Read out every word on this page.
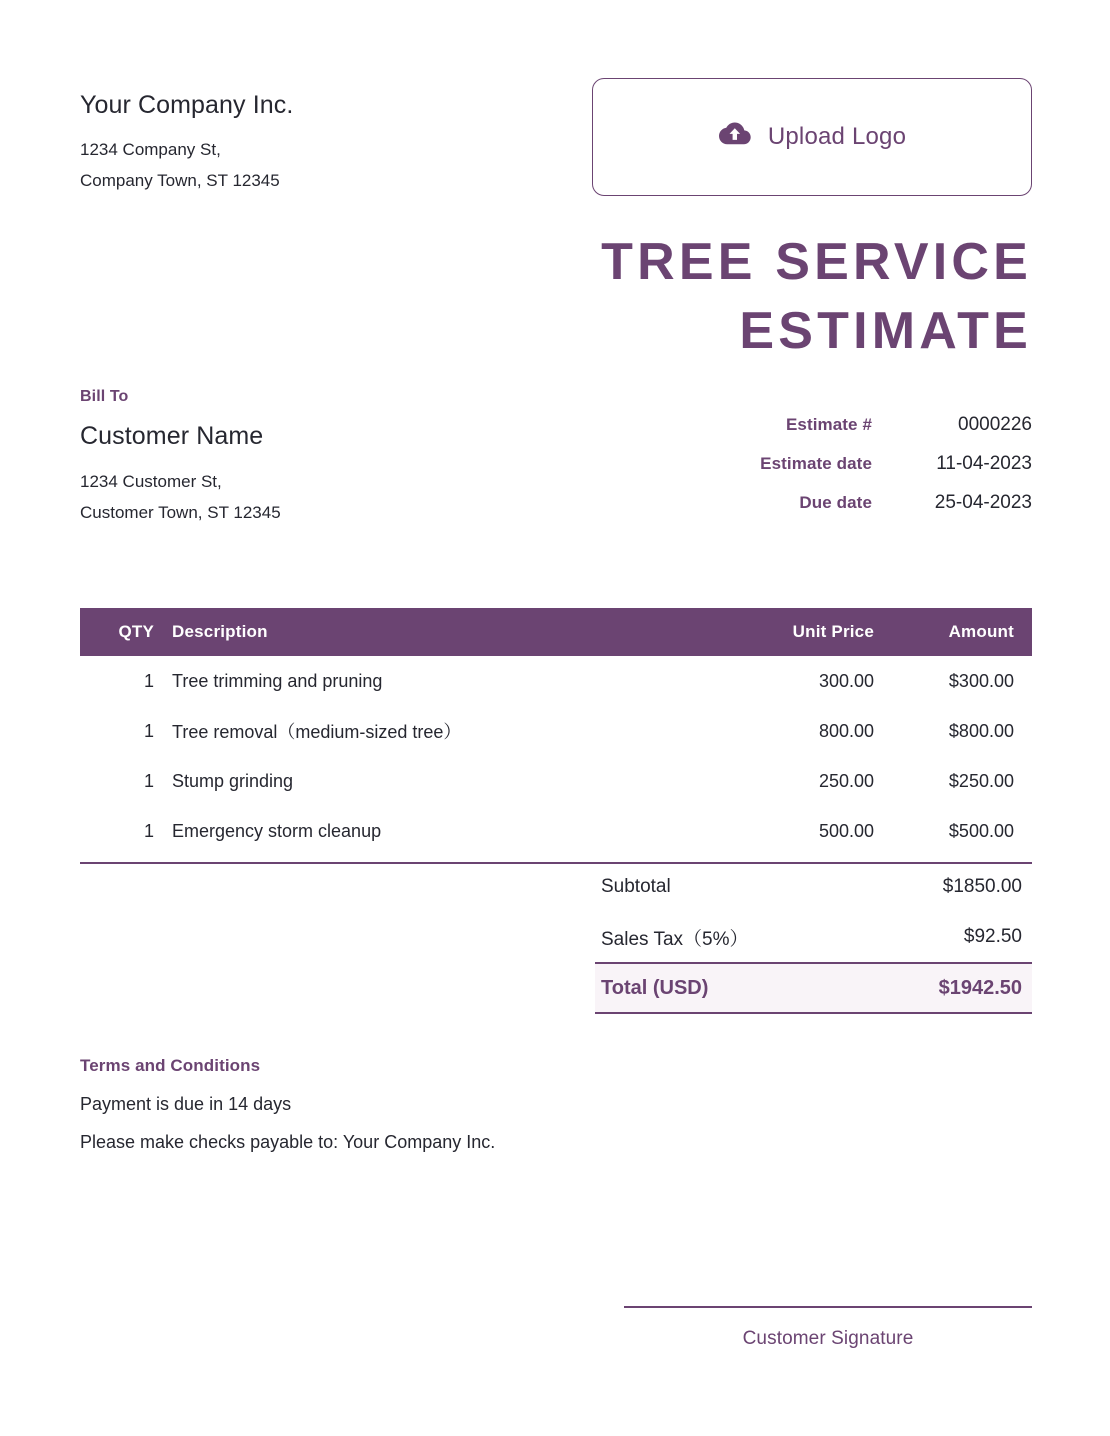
Your Company Inc.
1234 Company St,
Company Town, ST 12345
Upload Logo
TREE SERVICE ESTIMATE
Bill To
Customer Name
1234 Customer St,
Customer Town, ST 12345
Estimate #	0000226
Estimate date	11-04-2023
Due date	25-04-2023
QTY	Description	Unit Price	Amount
1	Tree trimming and pruning	300.00	$300.00
1	Tree removal（medium-sized tree）	800.00	$800.00
1	Stump grinding	250.00	$250.00
1	Emergency storm cleanup	500.00	$500.00
Subtotal	$1850.00
Sales Tax（5%）	$92.50
Total (USD)	$1942.50
Terms and Conditions
Payment is due in 14 days
Please make checks payable to: Your Company Inc.
Customer Signature
